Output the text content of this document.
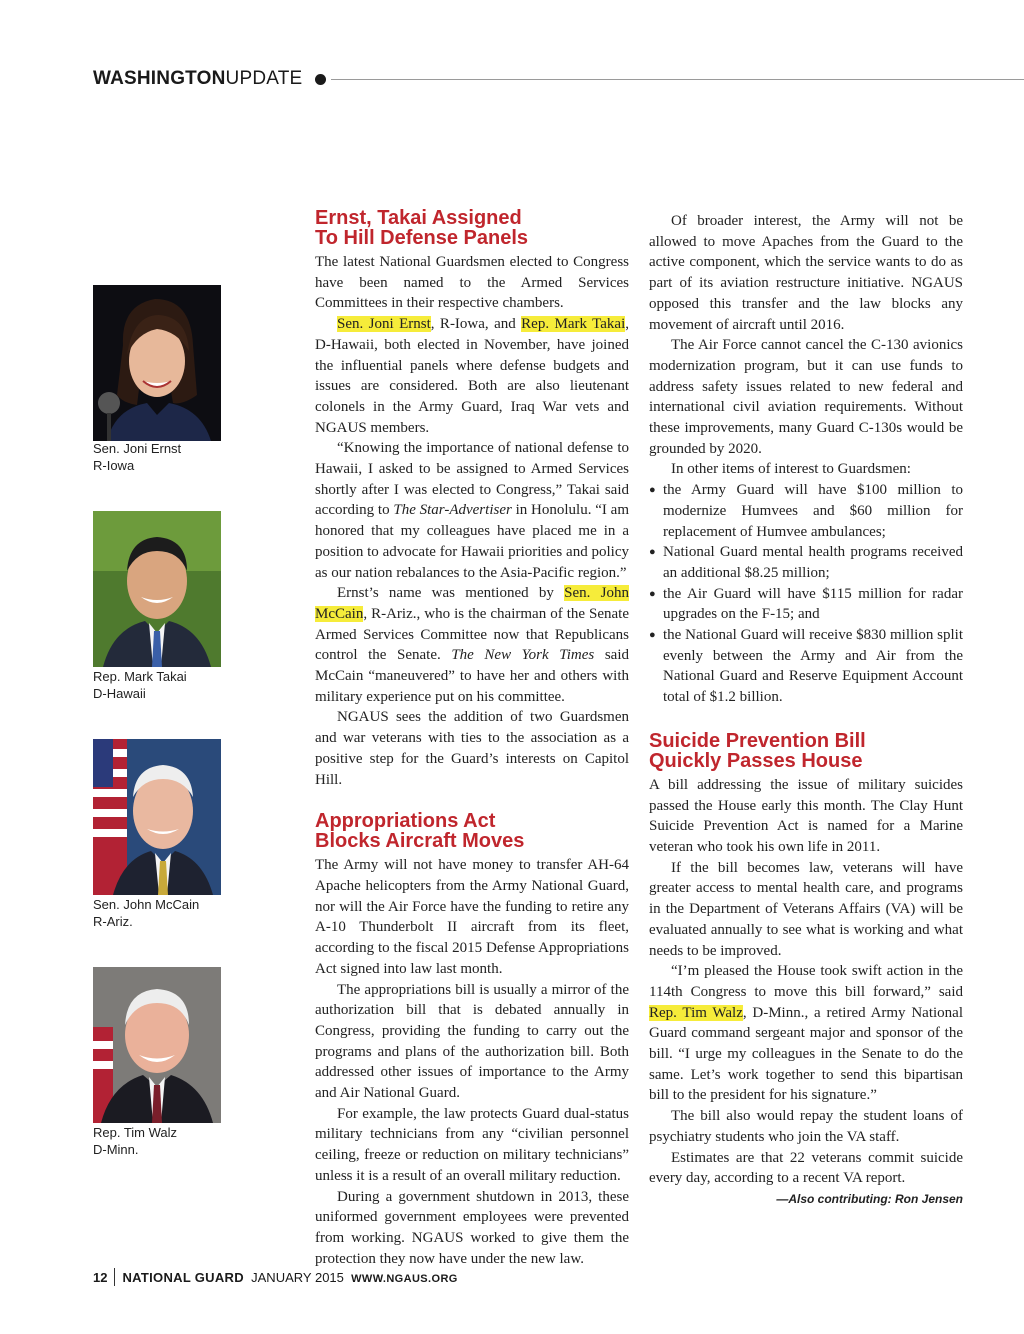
WASHINGTONUPDATE
Sen. Joni Ernst
R-Iowa
Rep. Mark Takai
D-Hawaii
Sen. John McCain
R-Ariz.
Rep. Tim Walz
D-Minn.
Ernst, Takai Assigned
To Hill Defense Panels

The latest National Guardsmen elected to Congress have been named to the Armed Services Committees in their respective chambers.

Sen. Joni Ernst, R-Iowa, and Rep. Mark Takai, D-Hawaii, both elected in November, have joined the influential panels where defense budgets and issues are considered. Both are also lieutenant colonels in the Army Guard, Iraq War vets and NGAUS members.

“Knowing the importance of national defense to Hawaii, I asked to be assigned to Armed Services shortly after I was elected to Congress,” Takai said according to The Star-Advertiser in Honolulu. “I am honored that my colleagues have placed me in a position to advocate for Hawaii priorities and policy as our nation rebalances to the Asia-Pacific region.”

Ernst’s name was mentioned by Sen. John McCain, R-Ariz., who is the chairman of the Senate Armed Services Committee now that Republicans control the Senate. The New York Times said McCain “maneuvered” to have her and others with military experience put on his committee.

NGAUS sees the addition of two Guardsmen and war veterans with ties to the association as a positive step for the Guard’s interests on Capitol Hill.

Appropriations Act
Blocks Aircraft Moves

The Army will not have money to transfer AH-64 Apache helicopters from the Army National Guard, nor will the Air Force have the funding to retire any A-10 Thunderbolt II aircraft from its fleet, according to the fiscal 2015 Defense Appropriations Act signed into law last month.

The appropriations bill is usually a mirror of the authorization bill that is debated annually in Congress, providing the funding to carry out the programs and plans of the authorization bill. Both addressed other issues of importance to the Army and Air National Guard.

For example, the law protects Guard dual-status military technicians from any “civilian personnel ceiling, freeze or reduction on military technicians” unless it is a result of an overall military reduction.

During a government shutdown in 2013, these uniformed government employees were prevented from working. NGAUS worked to give them the protection they now have under the new law.

Of broader interest, the Army will not be allowed to move Apaches from the Guard to the active component, which the service wants to do as part of its aviation restructure initiative. NGAUS opposed this transfer and the law blocks any movement of aircraft until 2016.

The Air Force cannot cancel the C-130 avionics modernization program, but it can use funds to address safety issues related to new federal and international civil aviation requirements. Without these improvements, many Guard C-130s would be grounded by 2020.

In other items of interest to Guardsmen:

● the Army Guard will have $100 million to modernize Humvees and $60 million for replacement of Humvee ambulances;
● National Guard mental health programs received an additional $8.25 million;
● the Air Guard will have $115 million for radar upgrades on the F-15; and
● the National Guard will receive $830 million split evenly between the Army and Air from the National Guard and Reserve Equipment Account total of $1.2 billion.
Suicide Prevention Bill
Quickly Passes House

A bill addressing the issue of military suicides passed the House early this month. The Clay Hunt Suicide Prevention Act is named for a Marine veteran who took his own life in 2011.

If the bill becomes law, veterans will have greater access to mental health care, and programs in the Department of Veterans Affairs (VA) will be evaluated annually to see what is working and what needs to be improved.

“I’m pleased the House took swift action in the 114th Congress to move this bill forward,” said Rep. Tim Walz, D-Minn., a retired Army National Guard command sergeant major and sponsor of the bill. “I urge my colleagues in the Senate to do the same. Let’s work together to send this bipartisan bill to the president for his signature.”

The bill also would repay the student loans of psychiatry students who join the VA staff.

Estimates are that 22 veterans commit suicide every day, according to a recent VA report.

—Also contributing: Ron Jensen
12 NATIONAL GUARD JANUARY 2015 WWW.NGAUS.ORG
